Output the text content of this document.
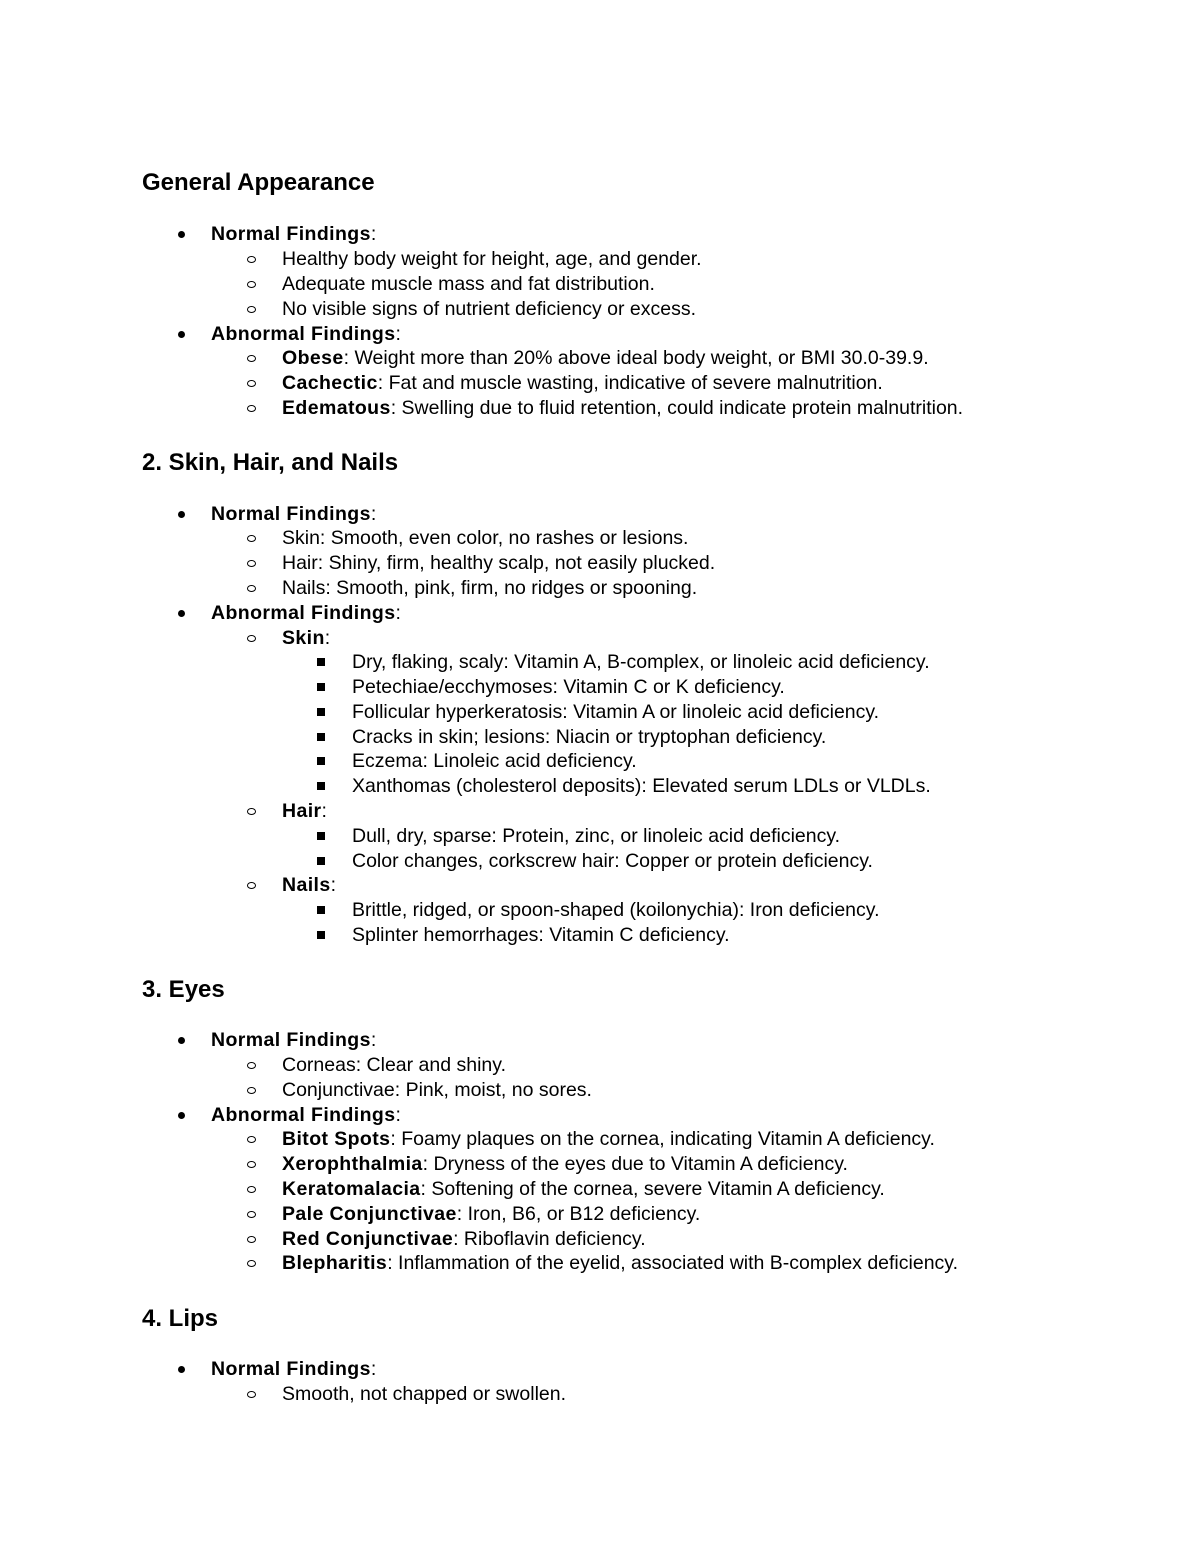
General Appearance
Normal Findings:
Healthy body weight for height, age, and gender.
Adequate muscle mass and fat distribution.
No visible signs of nutrient deficiency or excess.
Abnormal Findings:
Obese: Weight more than 20% above ideal body weight, or BMI 30.0-39.9.
Cachectic: Fat and muscle wasting, indicative of severe malnutrition.
Edematous: Swelling due to fluid retention, could indicate protein malnutrition.
2. Skin, Hair, and Nails
Normal Findings:
Skin: Smooth, even color, no rashes or lesions.
Hair: Shiny, firm, healthy scalp, not easily plucked.
Nails: Smooth, pink, firm, no ridges or spooning.
Abnormal Findings:
Skin:
Dry, flaking, scaly: Vitamin A, B-complex, or linoleic acid deficiency.
Petechiae/ecchymoses: Vitamin C or K deficiency.
Follicular hyperkeratosis: Vitamin A or linoleic acid deficiency.
Cracks in skin; lesions: Niacin or tryptophan deficiency.
Eczema: Linoleic acid deficiency.
Xanthomas (cholesterol deposits): Elevated serum LDLs or VLDLs.
Hair:
Dull, dry, sparse: Protein, zinc, or linoleic acid deficiency.
Color changes, corkscrew hair: Copper or protein deficiency.
Nails:
Brittle, ridged, or spoon-shaped (koilonychia): Iron deficiency.
Splinter hemorrhages: Vitamin C deficiency.
3. Eyes
Normal Findings:
Corneas: Clear and shiny.
Conjunctivae: Pink, moist, no sores.
Abnormal Findings:
Bitot Spots: Foamy plaques on the cornea, indicating Vitamin A deficiency.
Xerophthalmia: Dryness of the eyes due to Vitamin A deficiency.
Keratomalacia: Softening of the cornea, severe Vitamin A deficiency.
Pale Conjunctivae: Iron, B6, or B12 deficiency.
Red Conjunctivae: Riboflavin deficiency.
Blepharitis: Inflammation of the eyelid, associated with B-complex deficiency.
4. Lips
Normal Findings:
Smooth, not chapped or swollen.
